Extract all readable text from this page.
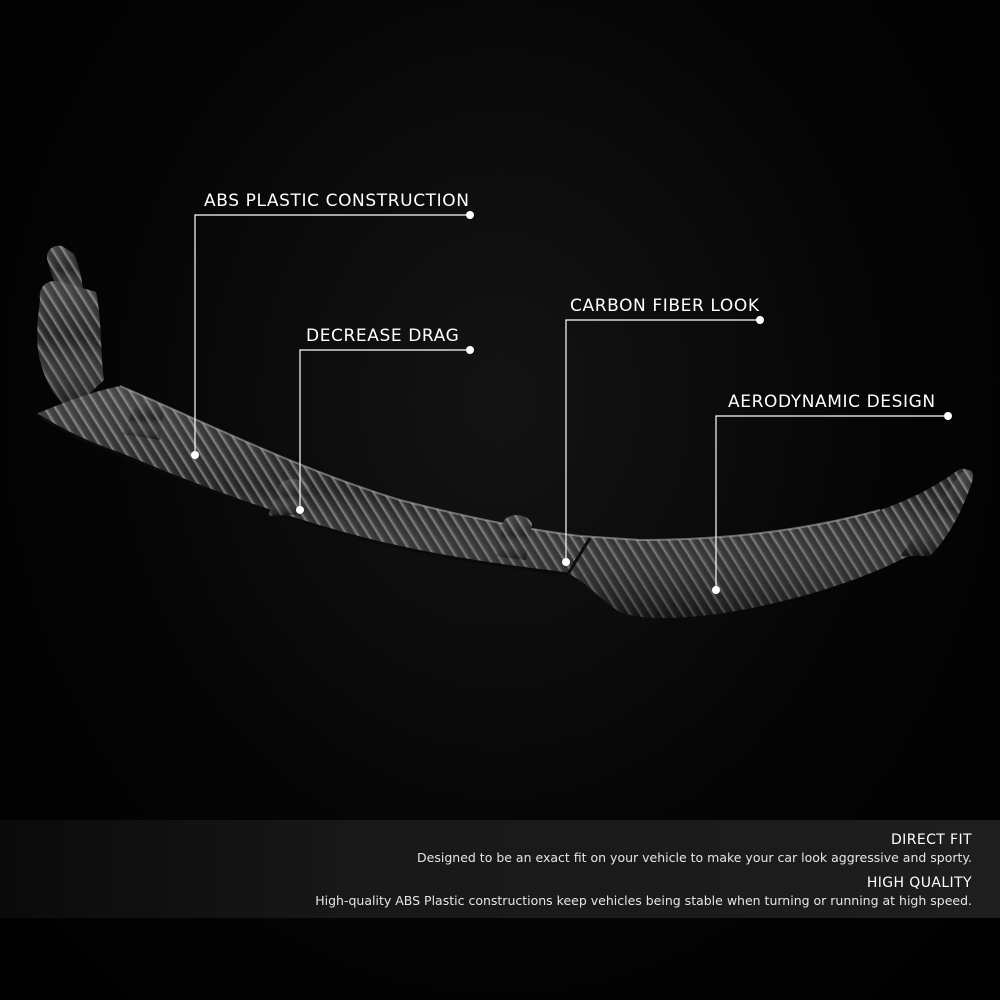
ABS PLASTIC CONSTRUCTION
DECREASE DRAG
CARBON FIBER LOOK
AERODYNAMIC DESIGN
DIRECT FIT
Designed to be an exact fit on your vehicle to make your car look aggressive and sporty.
HIGH QUALITY
High-quality ABS Plastic constructions keep vehicles being stable when turning or running at high speed.
